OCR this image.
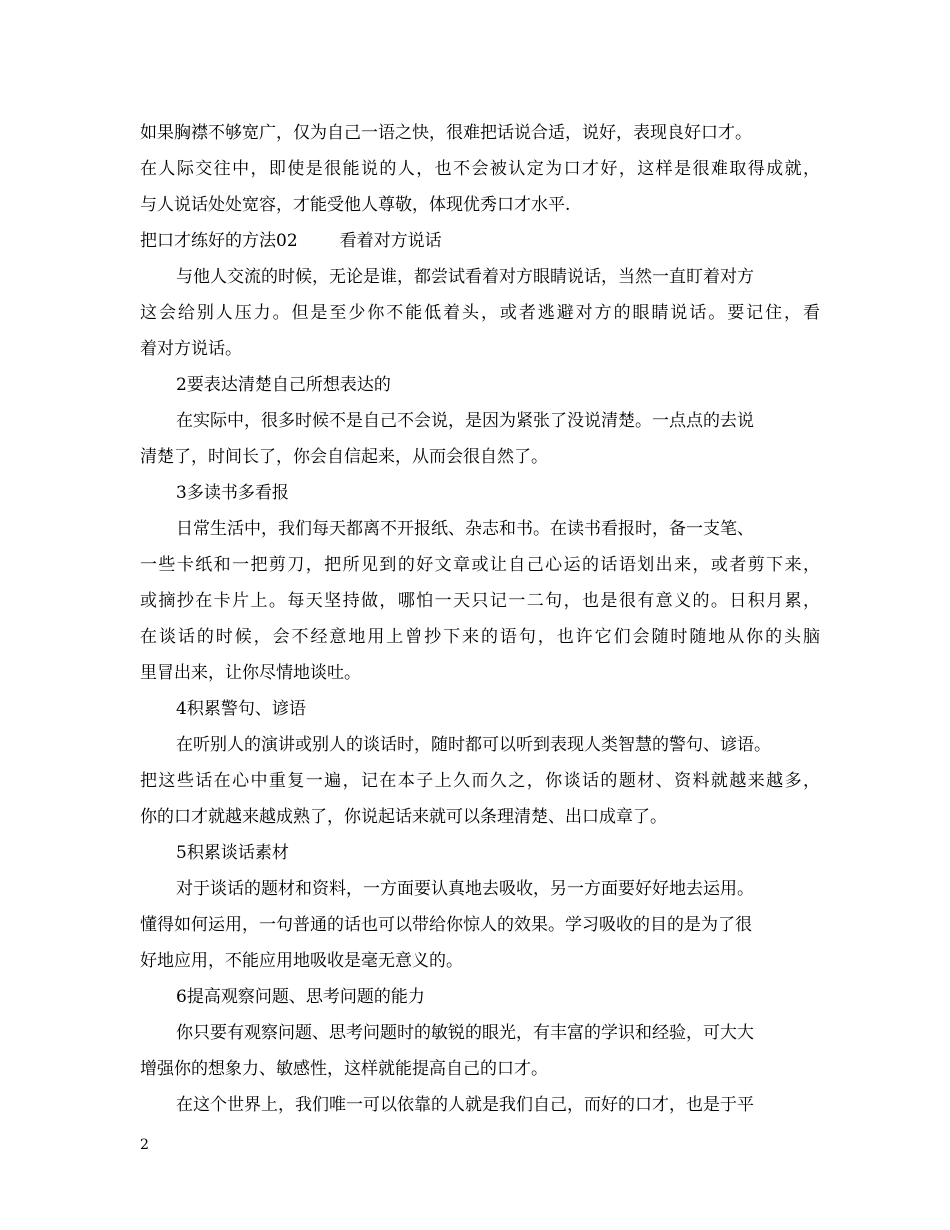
如果胸襟不够宽广，仅为自己一语之快，很难把话说合适，说好，表现良好口才。
在人际交往中，即使是很能说的人，也不会被认定为口才好，这样是很难取得成就，
与人说话处处宽容，才能受他人尊敬，体现优秀口才水平.
把口才练好的方法02 看着对方说话
与他人交流的时候，无论是谁，都尝试看着对方眼睛说话，当然一直盯着对方
这会给别人压力。但是至少你不能低着头，或者逃避对方的眼睛说话。要记住，看
着对方说话。
2要表达清楚自己所想表达的
在实际中，很多时候不是自己不会说，是因为紧张了没说清楚。一点点的去说
清楚了，时间长了，你会自信起来，从而会很自然了。
3多读书多看报
日常生活中，我们每天都离不开报纸、杂志和书。在读书看报时，备一支笔、
一些卡纸和一把剪刀，把所见到的好文章或让自己心运的话语划出来，或者剪下来，
或摘抄在卡片上。每天坚持做，哪怕一天只记一二句，也是很有意义的。日积月累，
在谈话的时候，会不经意地用上曾抄下来的语句，也许它们会随时随地从你的头脑
里冒出来，让你尽情地谈吐。
4积累警句、谚语
在听别人的演讲或别人的谈话时，随时都可以听到表现人类智慧的警句、谚语。
把这些话在心中重复一遍，记在本子上久而久之，你谈话的题材、资料就越来越多，
你的口才就越来越成熟了，你说起话来就可以条理清楚、出口成章了。
5积累谈话素材
对于谈话的题材和资料，一方面要认真地去吸收，另一方面要好好地去运用。
懂得如何运用，一句普通的话也可以带给你惊人的效果。学习吸收的目的是为了很
好地应用，不能应用地吸收是毫无意义的。
6提高观察问题、思考问题的能力
你只要有观察问题、思考问题时的敏锐的眼光，有丰富的学识和经验，可大大
增强你的想象力、敏感性，这样就能提高自己的口才。
在这个世界上，我们唯一可以依靠的人就是我们自己，而好的口才，也是于平
2
